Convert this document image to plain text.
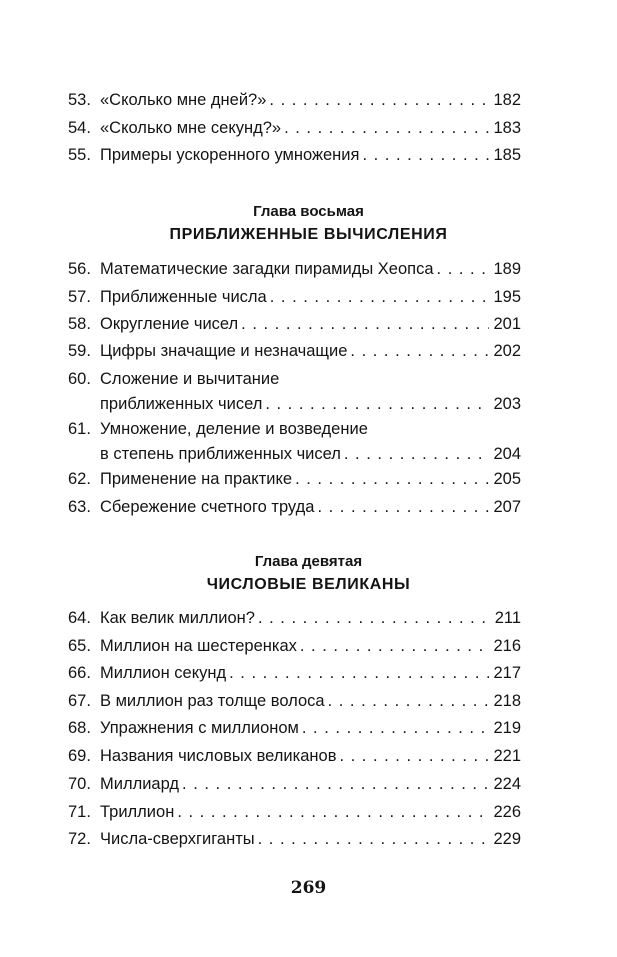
53. «Сколько мне дней?» . . .	182
54. «Сколько мне секунд?» . . .	183
55. Примеры ускоренного умножения . . .	185
Глава восьмая
ПРИБЛИЖЕННЫЕ ВЫЧИСЛЕНИЯ
56. Математические загадки пирамиды Хеопса . . .	189
57. Приближенные числа . . .	195
58. Округление чисел . . .	201
59. Цифры значащие и незначащие . . .	202
60. Сложение и вычитание
приближенных чисел . . .	203
61. Умножение, деление и возведение
в степень приближенных чисел . . .	204
62. Применение на практике . . .	205
63. Сбережение счетного труда . . .	207
Глава девятая
ЧИСЛОВЫЕ ВЕЛИКАНЫ
64. Как велик миллион? . . .	211
65. Миллион на шестеренках . . .	216
66. Миллион секунд . . .	217
67. В миллион раз толще волоса . . .	218
68. Упражнения с миллионом . . .	219
69. Названия числовых великанов . . .	221
70. Миллиард . . .	224
71. Триллион . . .	226
72. Числа-сверхгиганты . . .	229
269
